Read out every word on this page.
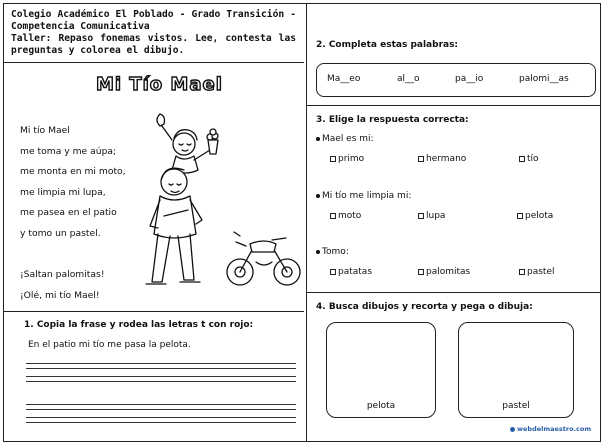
Colegio Académico El Poblado - Grado Transición -
Competencia Comunicativa
Taller: Repaso fonemas vistos. Lee, contesta las
preguntas y colorea el dibujo.
Mi Tío Mael
Mi tío Mael
me toma y me aúpa;
me monta en mi moto,
me limpia mi lupa,
me pasea en el patio
y tomo un pastel.
¡Saltan palomitas!
¡Olé, mi tío Mael!
1. Copia la frase y rodea las letras t con rojo:
En el patio mi tío me pasa la pelota.
2. Completa estas palabras:
Ma__eo	al__o	pa__io	palomi__as
3. Elige la respuesta correcta:
Mael es mi:
primo	hermano	tío
Mi tío me limpia mi:
moto	lupa	pelota
Tomo:
patatas	palomitas	pastel
4. Busca dibujos y recorta y pega o dibuja:
pelota	pastel
webdelmaestro.com
